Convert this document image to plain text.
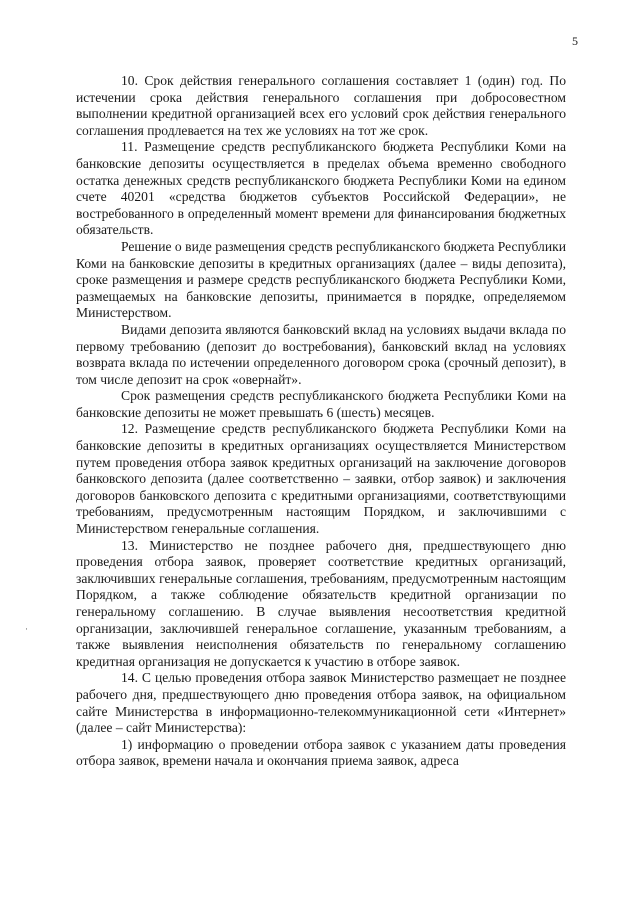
5
·

10. Срок действия генерального соглашения составляет 1 (один) год. По истечении срока действия генерального соглашения при добросовестном выполнении кредитной организацией всех его условий срок действия генерального соглашения продлевается на тех же условиях на тот же срок.

11. Размещение средств республиканского бюджета Республики Коми на банковские депозиты осуществляется в пределах объема временно свободного остатка денежных средств республиканского бюджета Республики Коми на едином счете 40201 «средства бюджетов субъектов Российской Федерации», не востребованного в определенный момент времени для финансирования бюджетных обязательств.

Решение о виде размещения средств республиканского бюджета Республики Коми на банковские депозиты в кредитных организациях (далее – виды депозита), сроке размещения и размере средств республиканского бюджета Республики Коми, размещаемых на банковские депозиты, принимается в порядке, определяемом Министерством.

Видами депозита являются банковский вклад на условиях выдачи вклада по первому требованию (депозит до востребования), банковский вклад на условиях возврата вклада по истечении определенного договором срока (срочный депозит), в том числе депозит на срок «овернайт».

Срок размещения средств республиканского бюджета Республики Коми на банковские депозиты не может превышать 6 (шесть) месяцев.

12. Размещение средств республиканского бюджета Республики Коми на банковские депозиты в кредитных организациях осуществляется Министерством путем проведения отбора заявок кредитных организаций на заключение договоров банковского депозита (далее соответственно – заявки, отбор заявок) и заключения договоров банковского депозита с кредитными организациями, соответствующими требованиям, предусмотренным настоящим Порядком, и заключившими с Министерством генеральные соглашения.

13. Министерство не позднее рабочего дня, предшествующего дню проведения отбора заявок, проверяет соответствие кредитных организаций, заключивших генеральные соглашения, требованиям, предусмотренным настоящим Порядком, а также соблюдение обязательств кредитной организации по генеральному соглашению. В случае выявления несоответствия кредитной организации, заключившей генеральное соглашение, указанным требованиям, а также выявления неисполнения обязательств по генеральному соглашению кредитная организация не допускается к участию в отборе заявок.

14. С целью проведения отбора заявок Министерство размещает не позднее рабочего дня, предшествующего дню проведения отбора заявок, на официальном сайте Министерства в информационно-телекоммуникационной сети «Интернет» (далее – сайт Министерства):

1) информацию о проведении отбора заявок с указанием даты проведения отбора заявок, времени начала и окончания приема заявок, адреса
